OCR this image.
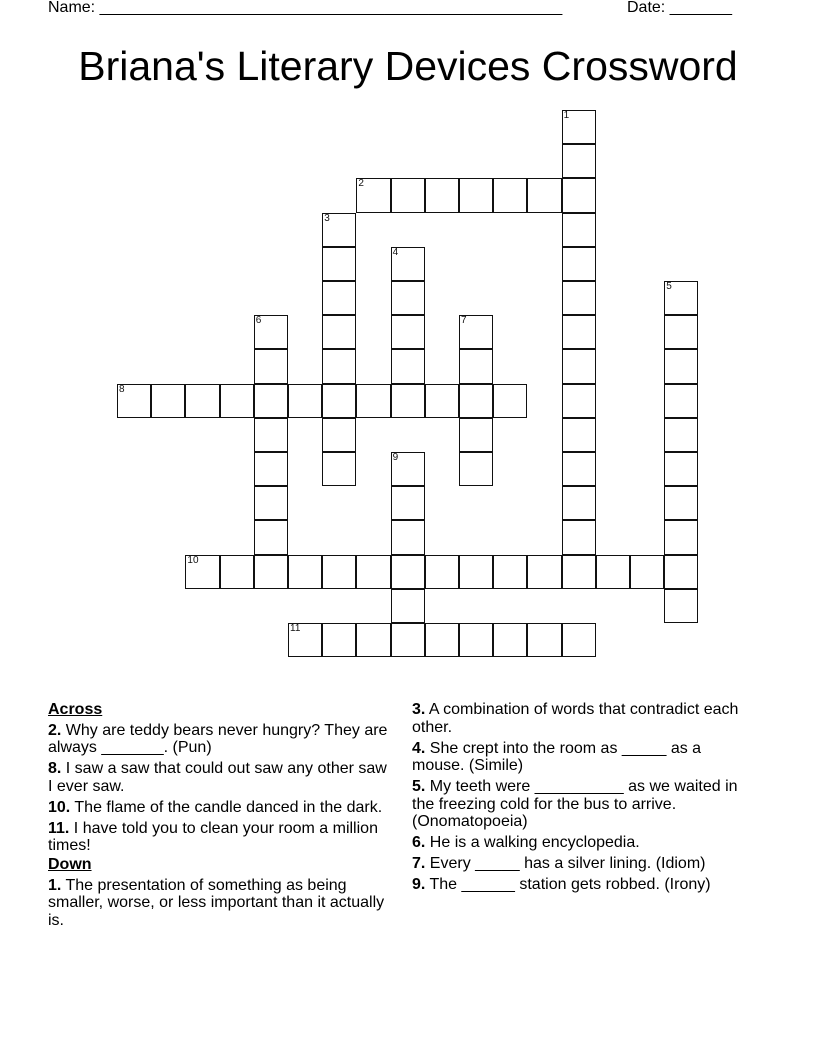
Name: ____________________________________________________	Date: _______
Briana's Literary Devices Crossword
1
2
3
4
5
6	7
8
9
10
11
Across
2. Why are teddy bears never hungry? They are always _______. (Pun)
8. I saw a saw that could out saw any other saw I ever saw.
10. The flame of the candle danced in the dark.
11. I have told you to clean your room a million times!
Down
1. The presentation of something as being smaller, worse, or less important than it actually is.
3. A combination of words that contradict each other.
4. She crept into the room as _____ as a mouse. (Simile)
5. My teeth were __________ as we waited in the freezing cold for the bus to arrive. (Onomatopoeia)
6. He is a walking encyclopedia.
7. Every _____ has a silver lining. (Idiom)
9. The ______ station gets robbed. (Irony)
